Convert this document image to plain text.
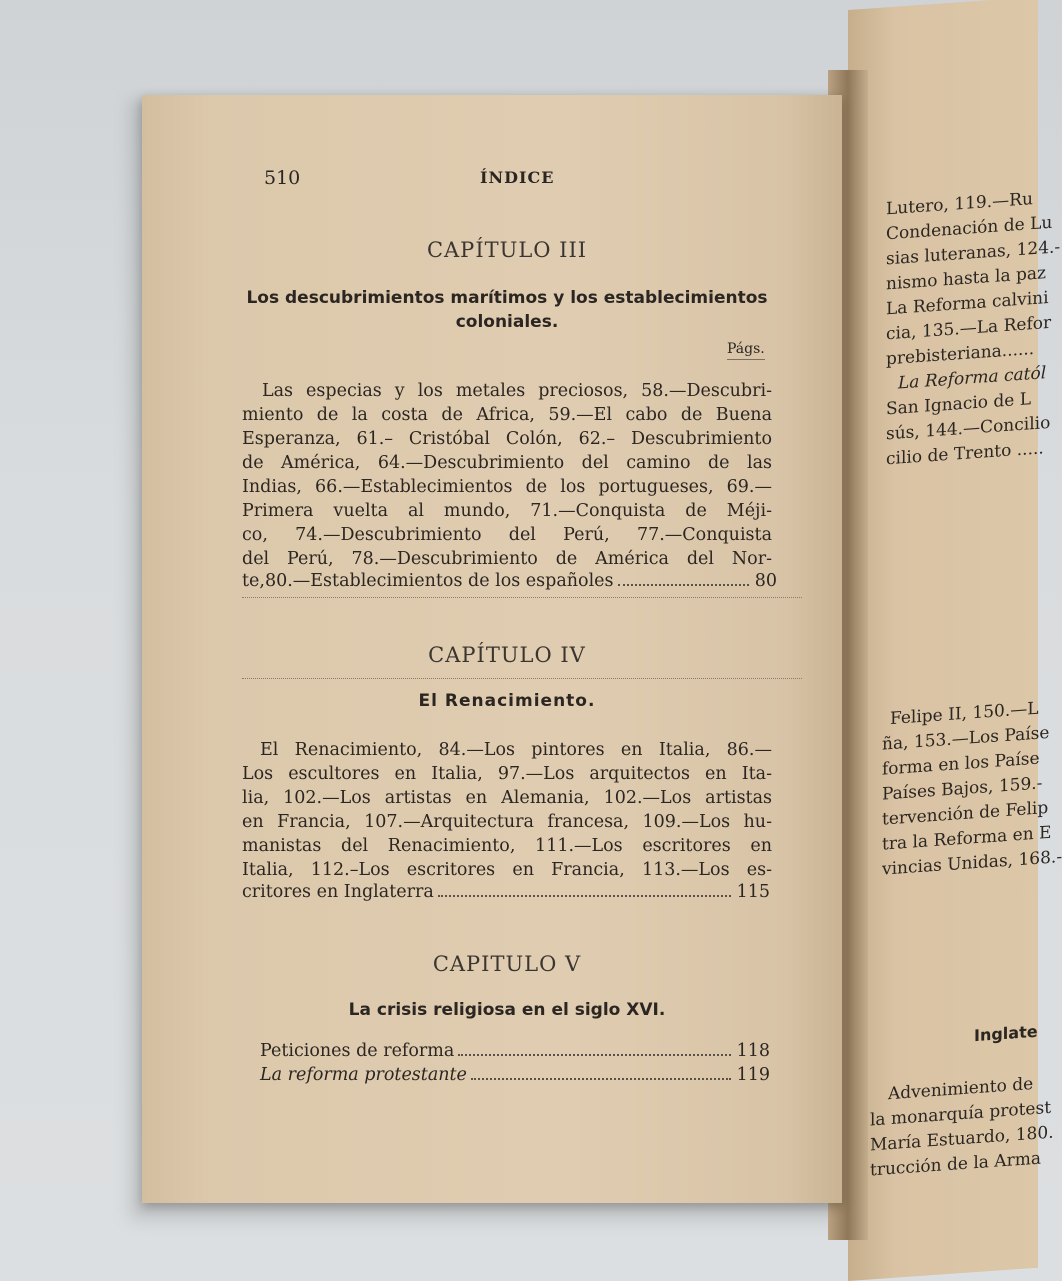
Lutero, 119.—Ru
Condenación de Lu
sias luteranas, 124.-
nismo hasta la paz
La Reforma calvini
cia, 135.—La Refor
prebisteriana......
La Reforma catól
San Ignacio de L
sús, 144.—Concilio
cilio de Trento .....
Felipe II, 150.—L
ña, 153.—Los Paíse
forma en los Paíse
Países Bajos, 159.-
tervención de Felip
tra la Reforma en E
vincias Unidas, 168.-
Inglate
Advenimiento de
la monarquía protest
María Estuardo, 180.
trucción de la Arma
510	ÍNDICE
CAPÍTULO III
Los descubrimientos marítimos y los establecimientos
coloniales.
Págs.
Las especias y los metales preciosos, 58.—Descubri-
miento de la costa de Africa, 59.—El cabo de Buena
Esperanza, 61.– Cristóbal Colón, 62.– Descubrimiento
de América, 64.—Descubrimiento del camino de las
Indias, 66.—Establecimientos de los portugueses, 69.—
Primera vuelta al mundo, 71.—Conquista de Méji-
co, 74.—Descubrimiento del Perú, 77.—Conquista
del Perú, 78.—Descubrimiento de América del Nor-
te,80.—Establecimientos de los españoles	80
CAPÍTULO IV
El Renacimiento.
El Renacimiento, 84.—Los pintores en Italia, 86.—
Los escultores en Italia, 97.—Los arquitectos en Ita-
lia, 102.—Los artistas en Alemania, 102.—Los artistas
en Francia, 107.—Arquitectura francesa, 109.—Los hu-
manistas del Renacimiento, 111.—Los escritores en
Italia, 112.–Los escritores en Francia, 113.—Los es-
critores en Inglaterra	115
CAPITULO V
La crisis religiosa en el siglo XVI.
Peticiones de reforma	118
La reforma protestante	119
